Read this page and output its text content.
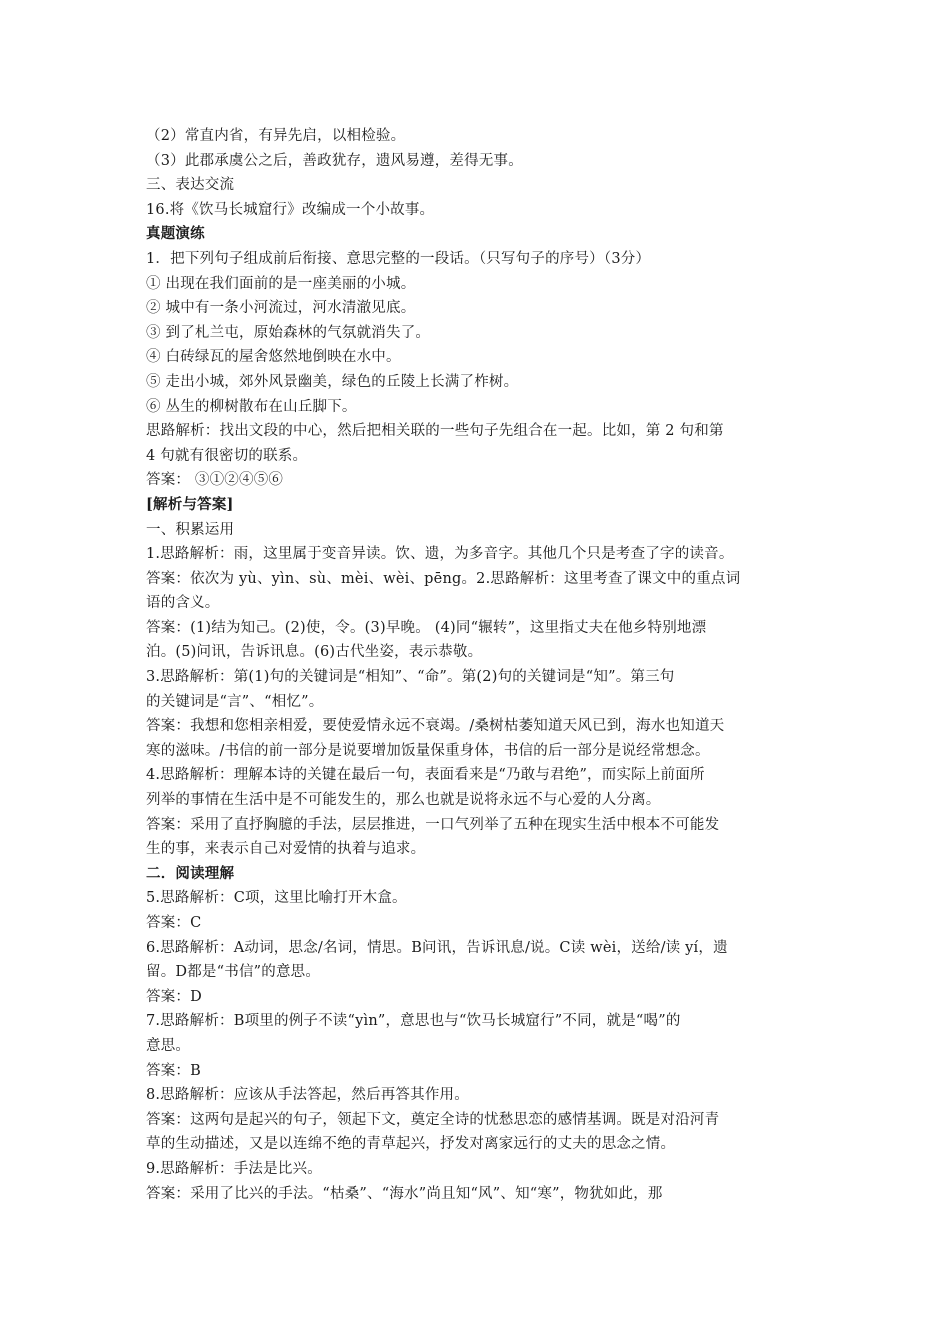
（2）常直内省，有异先启，以相检验。
（3）此郡承虞公之后，善政犹存，遗风易遵，差得无事。
三、表达交流
16.将《饮马长城窟行》改编成一个小故事。
真题演练
1．把下列句子组成前后衔接、意思完整的一段话。（只写句子的序号）（3分）
① 出现在我们面前的是一座美丽的小城。
② 城中有一条小河流过，河水清澈见底。
③ 到了札兰屯，原始森林的气氛就消失了。
④ 白砖绿瓦的屋舍悠然地倒映在水中。
⑤ 走出小城，郊外风景幽美，绿色的丘陵上长满了柞树。
⑥ 丛生的柳树散布在山丘脚下。
思路解析：找出文段的中心，然后把相关联的一些句子先组合在一起。比如，第 2 句和第
4 句就有很密切的联系。
答案： ③①②④⑤⑥
[解析与答案]
一、积累运用
1.思路解析：雨，这里属于变音异读。饮、遗，为多音字。其他几个只是考查了字的读音。
答案：依次为 yù、yìn、sù、mèi、wèi、pēng。2.思路解析：这里考查了课文中的重点词
语的含义。
答案：(1)结为知己。(2)使，令。(3)早晚。 (4)同“辗转”，这里指丈夫在他乡特别地漂
泊。(5)问讯，告诉讯息。(6)古代坐姿，表示恭敬。
3.思路解析：第(1)句的关键词是“相知”、“命”。第(2)句的关键词是“知”。第三句
的关键词是“言”、“相忆”。
答案：我想和您相亲相爱，要使爱情永远不衰竭。/桑树枯萎知道天风已到，海水也知道天
寒的滋味。/书信的前一部分是说要增加饭量保重身体，书信的后一部分是说经常想念。
4.思路解析：理解本诗的关键在最后一句，表面看来是“乃敢与君绝”，而实际上前面所
列举的事情在生活中是不可能发生的，那么也就是说将永远不与心爱的人分离。
答案：采用了直抒胸臆的手法，层层推进，一口气列举了五种在现实生活中根本不可能发
生的事，来表示自己对爱情的执着与追求。
二．阅读理解
5.思路解析：C项，这里比喻打开木盒。
答案：C
6.思路解析：A动词，思念/名词，情思。B问讯，告诉讯息/说。C读 wèi，送给/读 yí，遗
留。D都是“书信”的意思。
答案：D
7.思路解析：B项里的例子不读“yìn”，意思也与“饮马长城窟行”不同，就是“喝”的
意思。
答案：B
8.思路解析：应该从手法答起，然后再答其作用。
答案：这两句是起兴的句子，领起下文，奠定全诗的忧愁思恋的感情基调。既是对沿河青
草的生动描述，又是以连绵不绝的青草起兴，抒发对离家远行的丈夫的思念之情。
9.思路解析：手法是比兴。
答案：采用了比兴的手法。“枯桑”、“海水”尚且知“风”、知“寒”，物犹如此，那
